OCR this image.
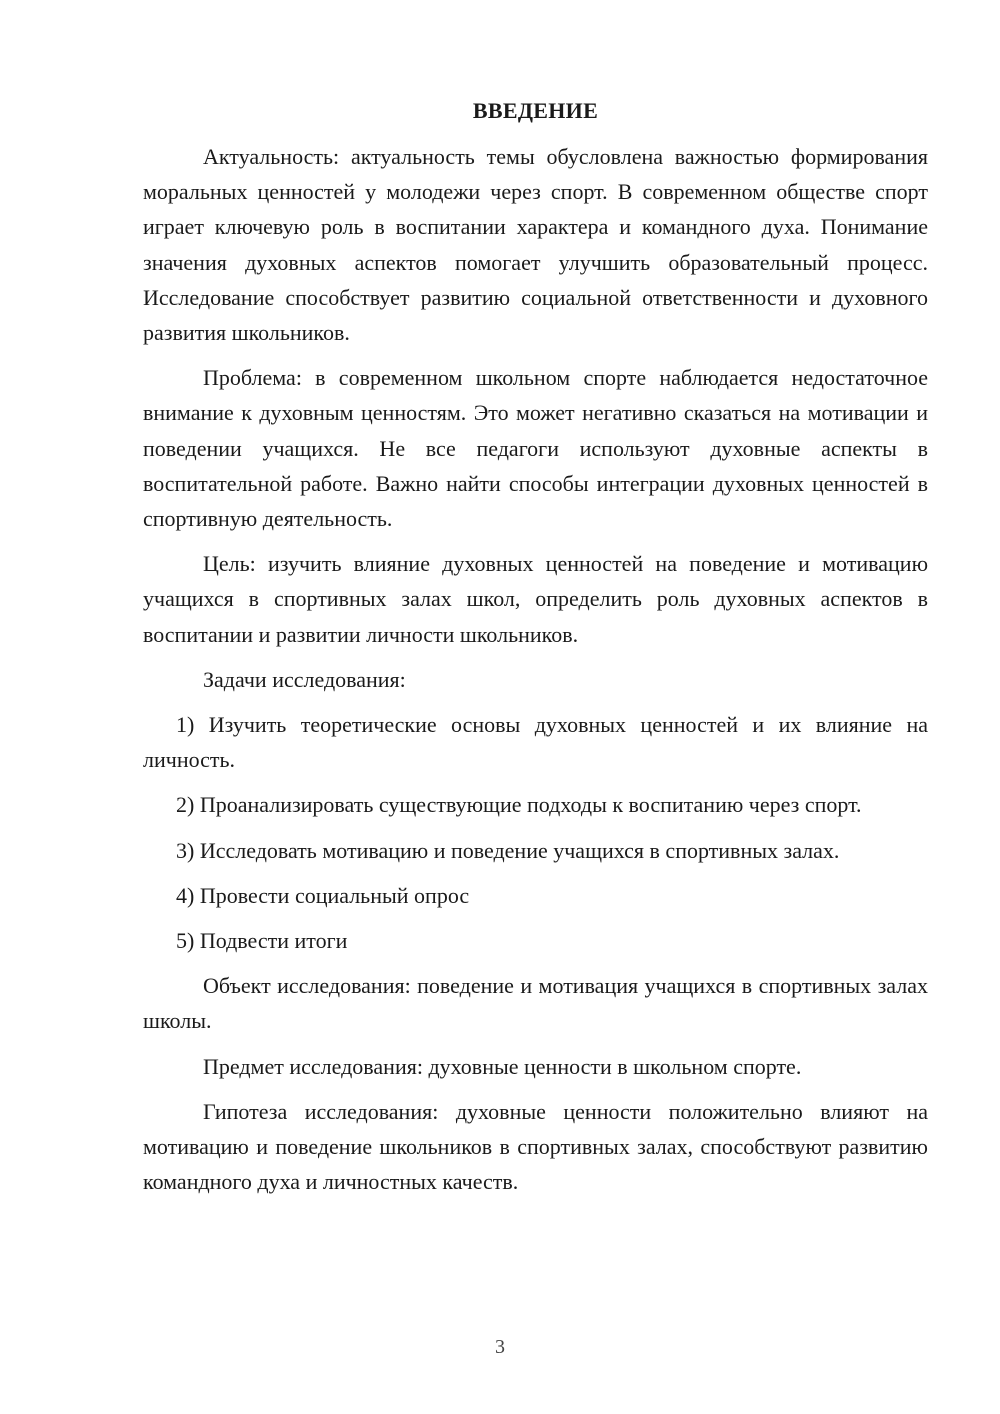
ВВЕДЕНИЕ

Актуальность: актуальность темы обусловлена важностью формирования моральных ценностей у молодежи через спорт. В современном обществе спорт играет ключевую роль в воспитании характера и командного духа. Понимание значения духовных аспектов помогает улучшить образовательный процесс. Исследование способствует развитию социальной ответственности и духовного развития школьников.

Проблема: в современном школьном спорте наблюдается недостаточное внимание к духовным ценностям. Это может негативно сказаться на мотивации и поведении учащихся. Не все педагоги используют духовные аспекты в воспитательной работе. Важно найти способы интеграции духовных ценностей в спортивную деятельность.

Цель: изучить влияние духовных ценностей на поведение и мотивацию учащихся в спортивных залах школ, определить роль духовных аспектов в воспитании и развитии личности школьников.

Задачи исследования:

1) Изучить теоретические основы духовных ценностей и их влияние на личность.

2) Проанализировать существующие подходы к воспитанию через спорт.

3) Исследовать мотивацию и поведение учащихся в спортивных залах.

4) Провести социальный опрос

5) Подвести итоги

Объект исследования: поведение и мотивация учащихся в спортивных залах школы.

Предмет исследования: духовные ценности в школьном спорте.

Гипотеза исследования: духовные ценности положительно влияют на мотивацию и поведение школьников в спортивных залах, способствуют развитию командного духа и личностных качеств.

3
